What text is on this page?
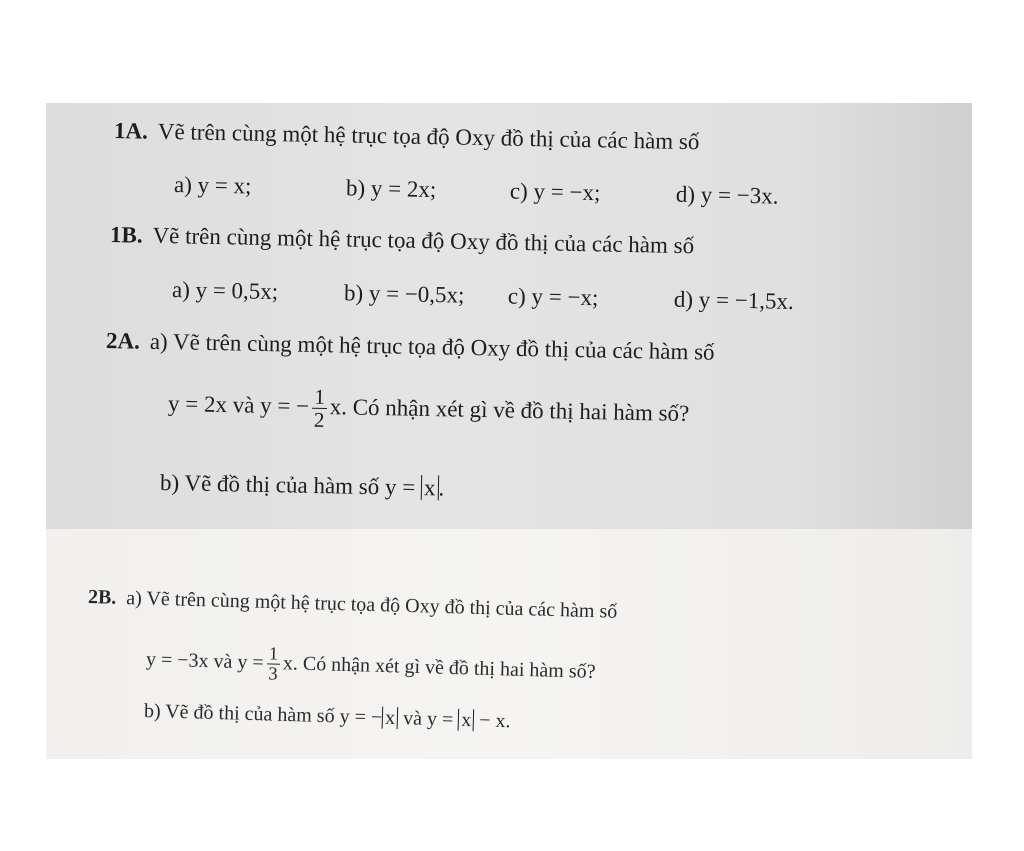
1A. Vẽ trên cùng một hệ trục tọa độ Oxy đồ thị của các hàm số
a) y = x;	b) y = 2x;	c) y = −x;	d) y = −3x.
1B. Vẽ trên cùng một hệ trục tọa độ Oxy đồ thị của các hàm số
a) y = 0,5x;	b) y = −0,5x; c) y = −x;	d) y = −1,5x.
2A. a) Vẽ trên cùng một hệ trục tọa độ Oxy đồ thị của các hàm số
y = 2x và y = − $\frac{1}{2} x$. Có nhận xét gì về đồ thị hai hàm số?
b) Vẽ đồ thị của hàm số y = x .
2B. a) Vẽ trên cùng một hệ trục tọa độ Oxy đồ thị của các hàm số
y = −3x và $y = \frac{1}{3} x$. Có nhận xét gì về đồ thị hai hàm số?
b) Vẽ đồ thị của hàm số y = − x và y = x − x.
